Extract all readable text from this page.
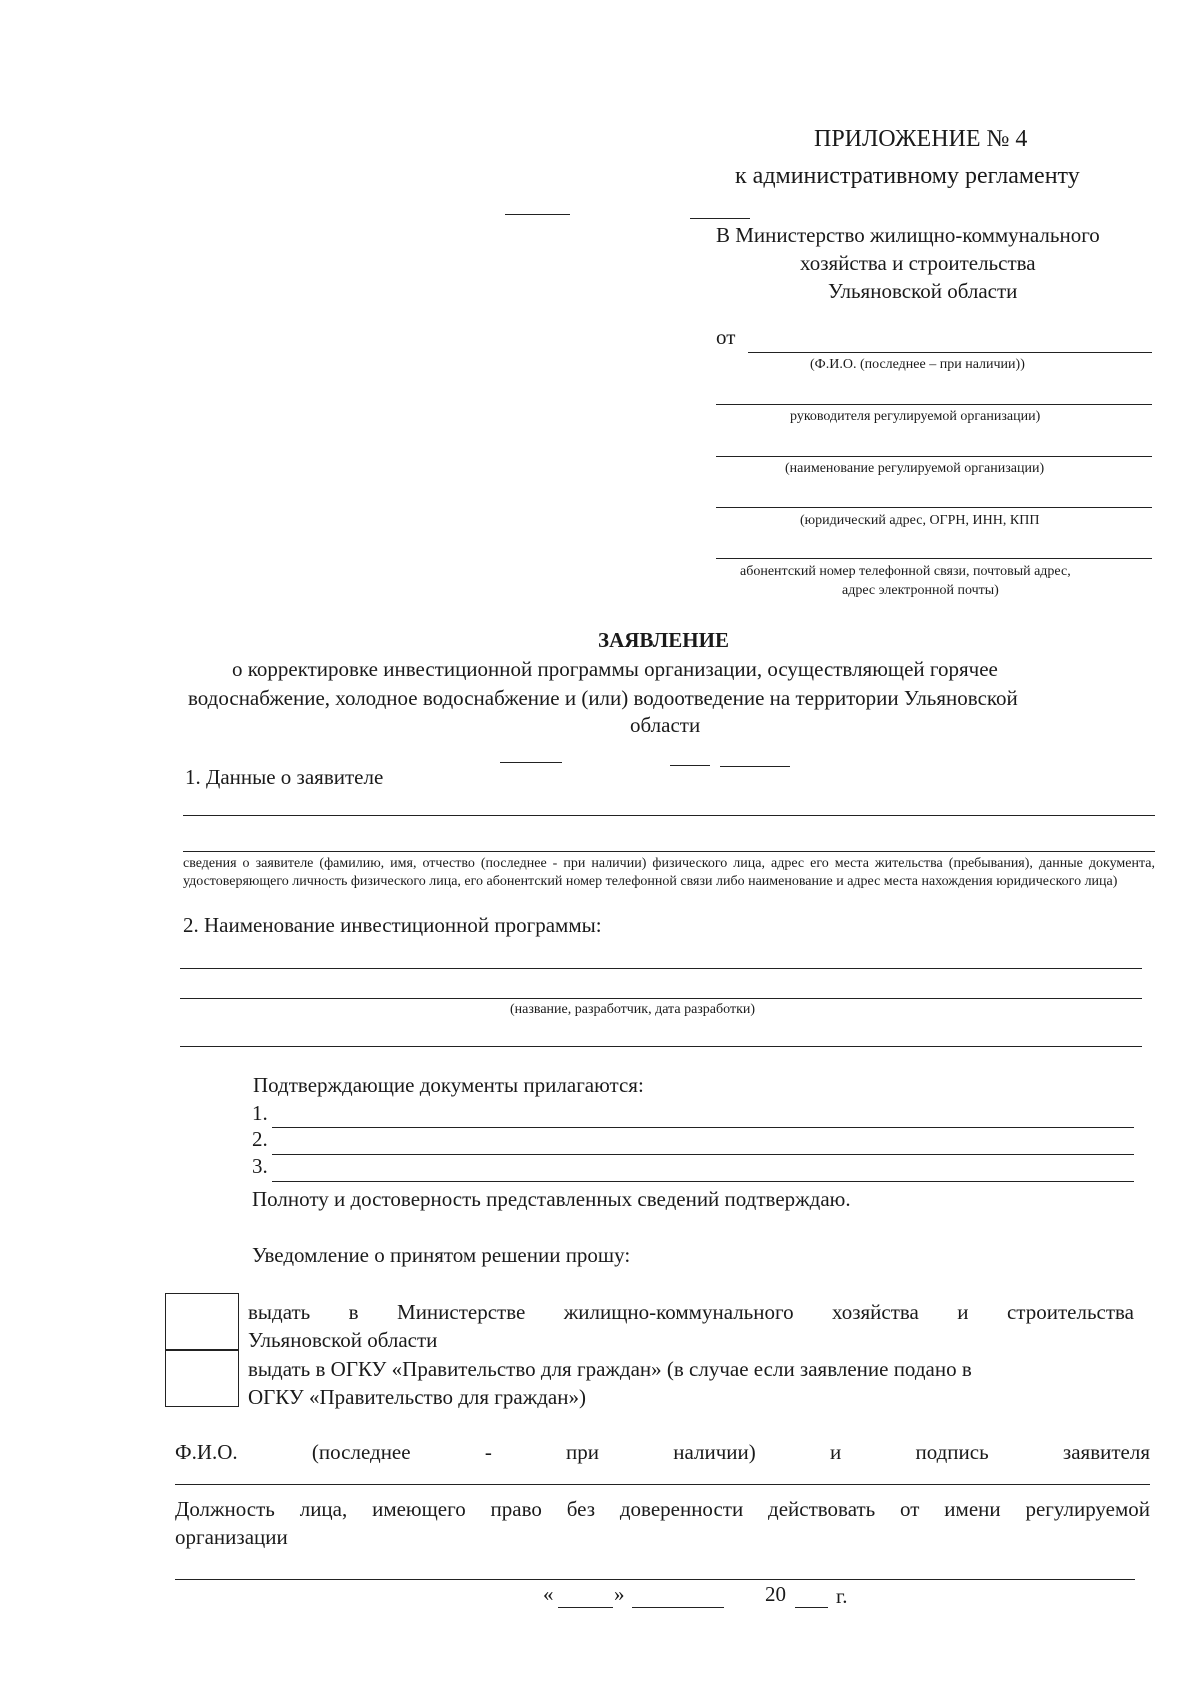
ПРИЛОЖЕНИЕ № 4
к административному регламенту
В Министерство жилищно-коммунального
хозяйства и строительства
Ульяновской области
от
(Ф.И.О. (последнее – при наличии))
руководителя регулируемой организации)
(наименование регулируемой организации)
(юридический адрес, ОГРН, ИНН, КПП
абонентский номер телефонной связи, почтовый адрес,
адрес электронной почты)
ЗАЯВЛЕНИЕ
о корректировке инвестиционной программы организации, осуществляющей горячее
водоснабжение, холодное водоснабжение и (или) водоотведение на территории Ульяновской
области
1. Данные о заявителе
сведения о заявителе (фамилию, имя, отчество (последнее - при наличии) физического лица, адрес его места жительства (пребывания), данные документа, удостоверяющего личность физического лица, его абонентский номер телефонной связи либо наименование и адрес места нахождения юридического лица)
2. Наименование инвестиционной программы:
(название, разработчик, дата разработки)
Подтверждающие документы прилагаются:
1.
2.
3.
Полноту и достоверность представленных сведений подтверждаю.
Уведомление о принятом решении прошу:
выдать в Министерстве жилищно-коммунального хозяйства и строительства
Ульяновской области
выдать в ОГКУ «Правительство для граждан» (в случае если заявление подано в
ОГКУ «Правительство для граждан»)
Ф.И.О.	(последнее	-	при	наличии)	и	подпись	заявителя
Должность лица, имеющего право без доверенности действовать от имени регулируемой
организации
«	»	20 г.
